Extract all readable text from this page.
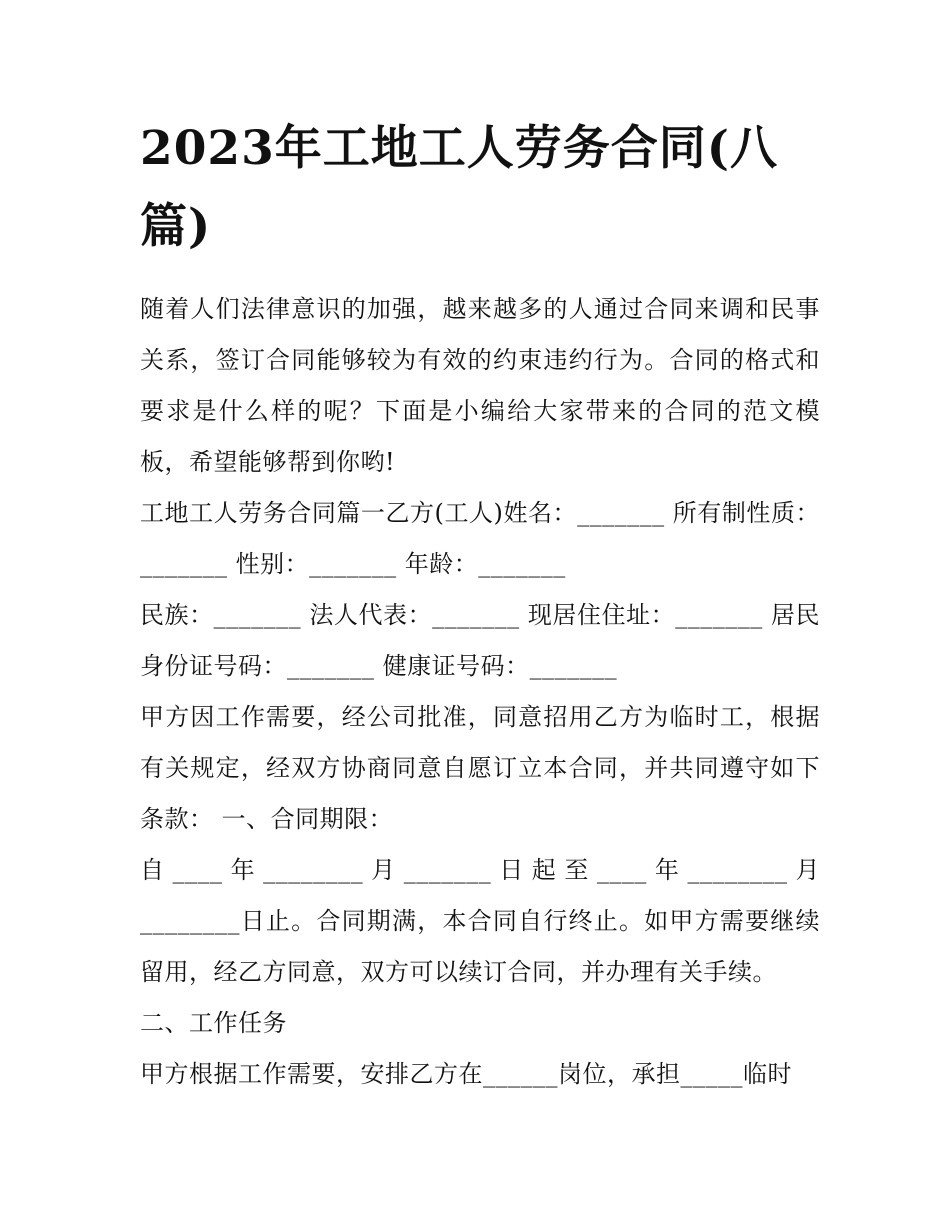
2023年工地工人劳务合同(八篇)

随着人们法律意识的加强，越来越多的人通过合同来调和民事关系，签订合同能够较为有效的约束违约行为。合同的格式和要求是什么样的呢？下面是小编给大家带来的合同的范文模板，希望能够帮到你哟!

工地工人劳务合同篇一乙方(工人)姓名：_______ 所有制性质：_______ 性别：_______ 年龄：_______

民族：_______ 法人代表：_______ 现居住住址：_______ 居民身份证号码：_______ 健康证号码：_______

甲方因工作需要，经公司批准，同意招用乙方为临时工，根据有关规定，经双方协商同意自愿订立本合同，并共同遵守如下条款： 一、合同期限：

自____年________月_______日起至____年________月________日止。合同期满，本合同自行终止。如甲方需要继续留用，经乙方同意，双方可以续订合同，并办理有关手续。

二、工作任务

甲方根据工作需要，安排乙方在______岗位，承担_____临时
